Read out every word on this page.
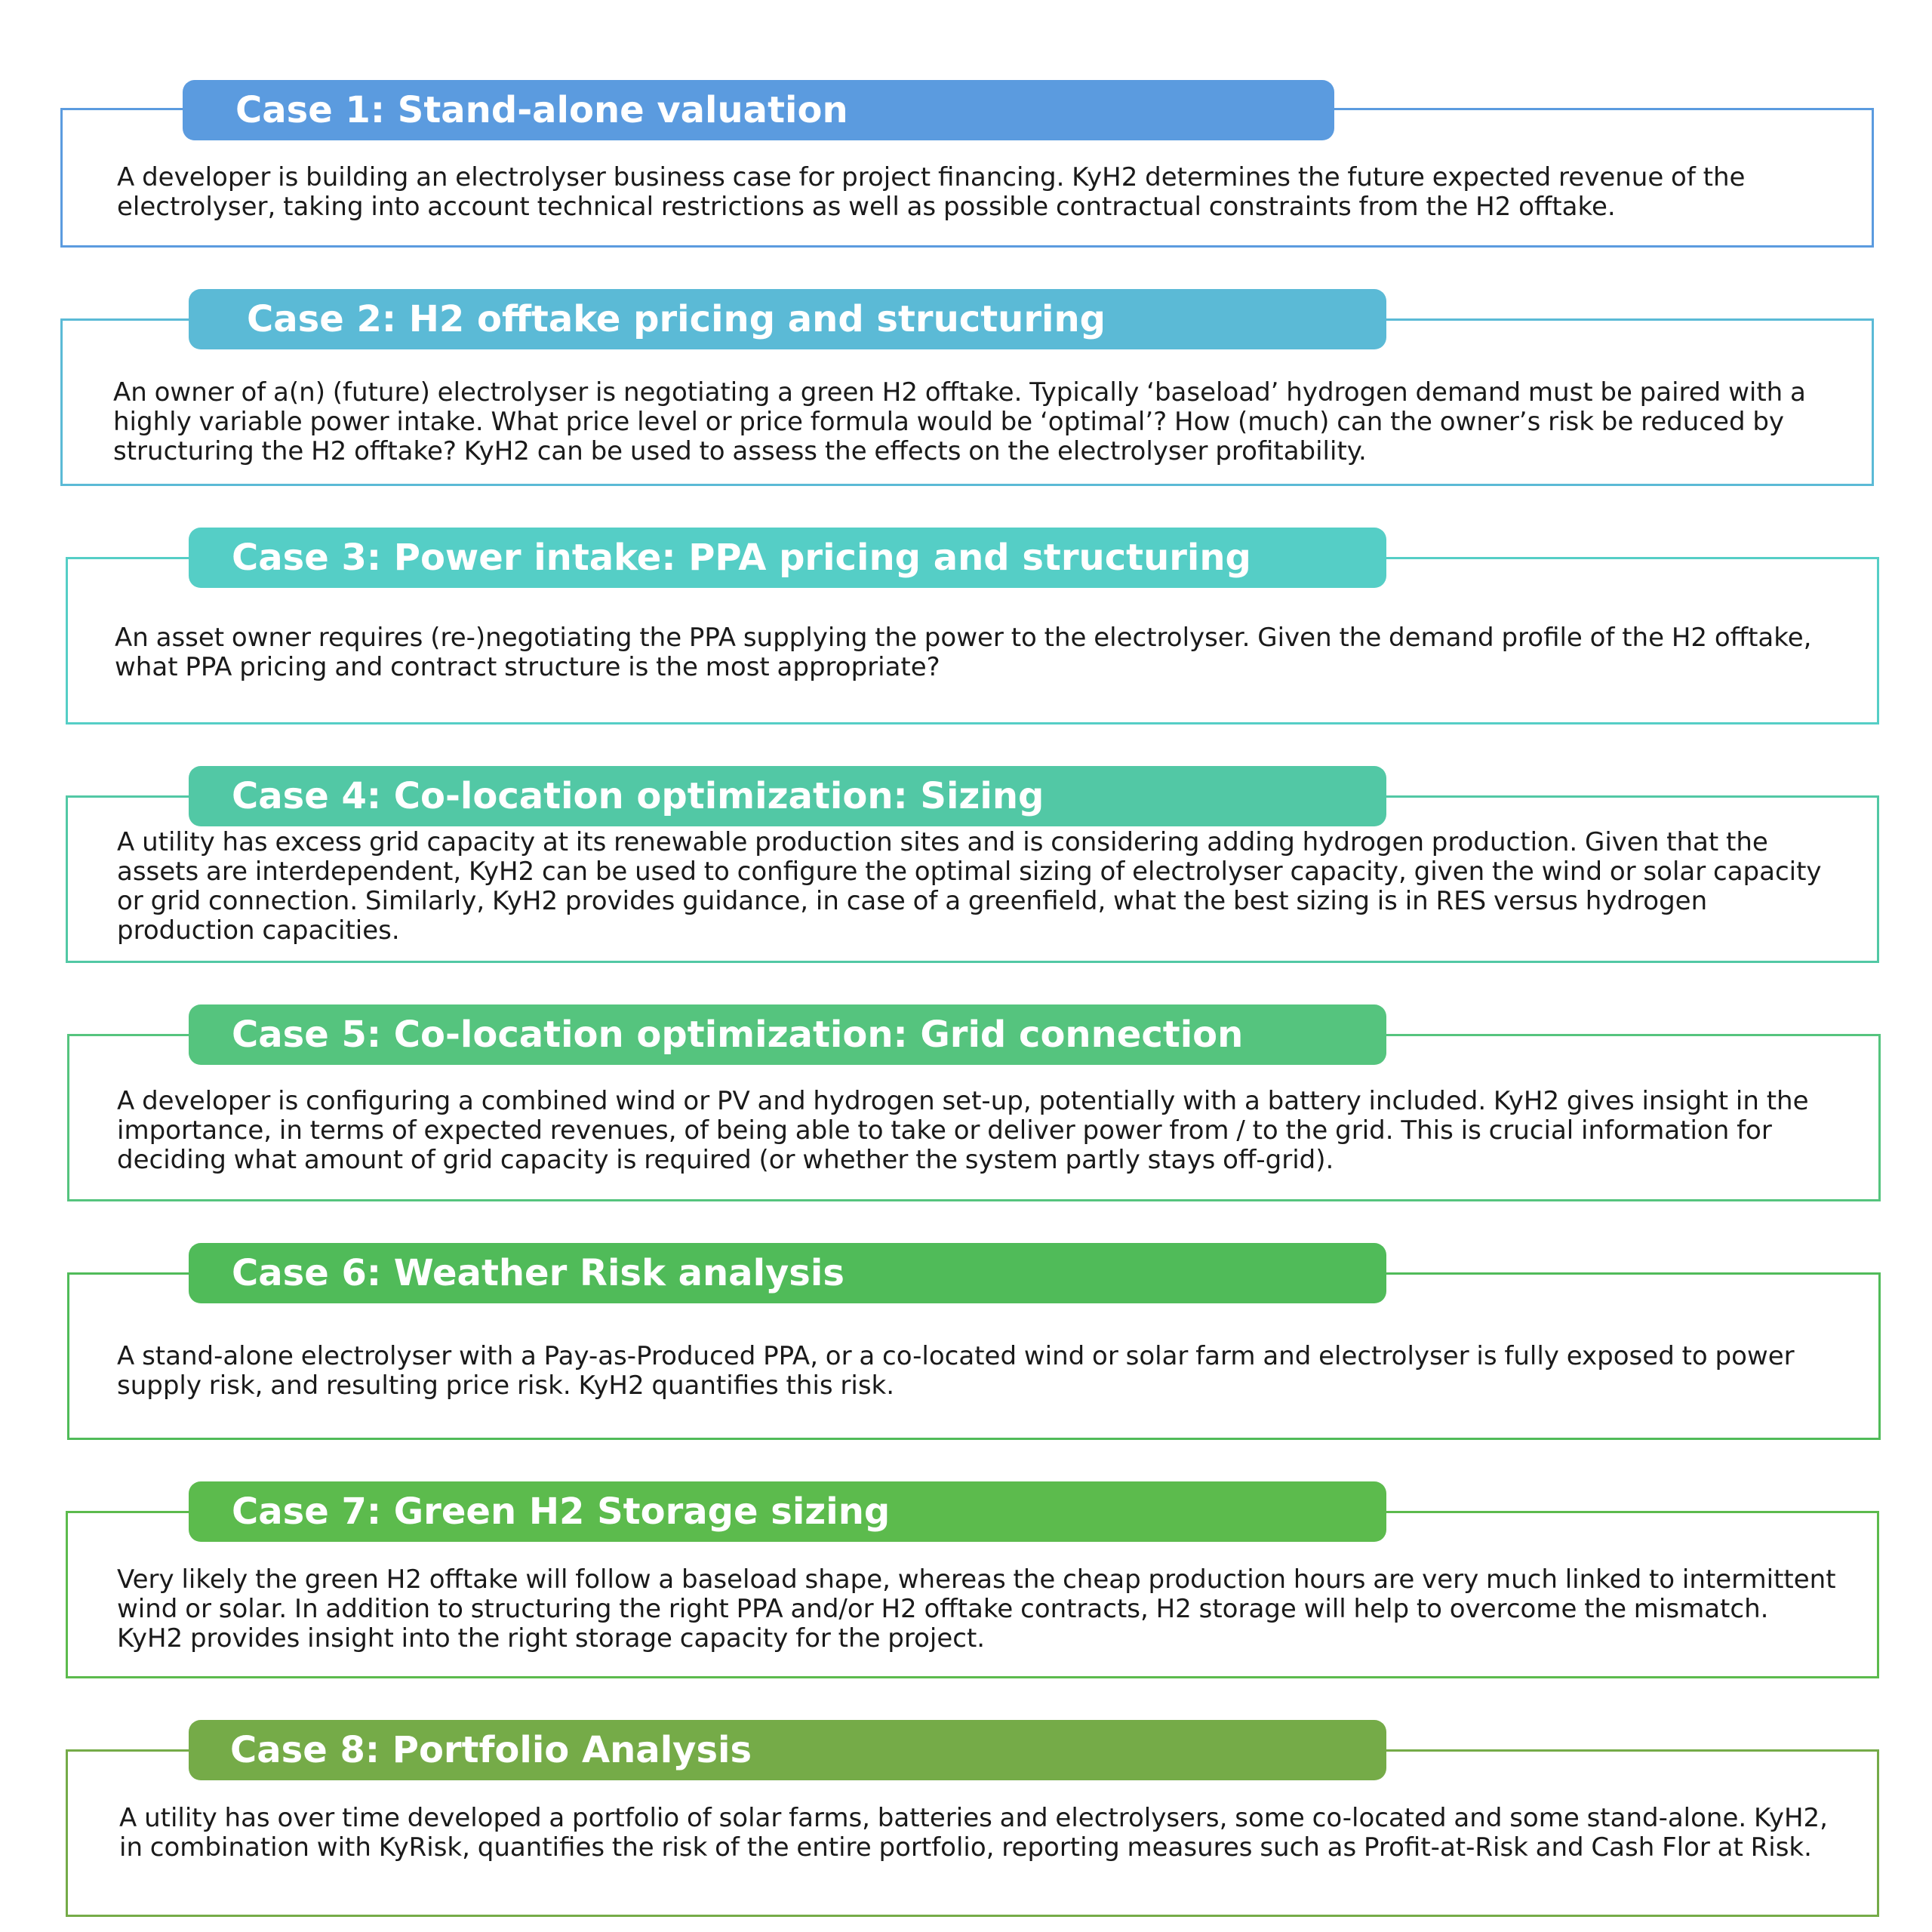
A developer is building an electrolyser business case for project financing. KyH2 determines the future expected revenue of the electrolyser, taking into account technical restrictions as well as possible contractual constraints from the H2 offtake.
Case 1: Stand-alone valuation
An owner of a(n) (future) electrolyser is negotiating a green H2 offtake. Typically ‘baseload’ hydrogen demand must be paired with a highly variable power intake. What price level or price formula would be ‘optimal’? How (much) can the owner’s risk be reduced by structuring the H2 offtake? KyH2 can be used to assess the effects on the electrolyser profitability.
Case 2: H2 offtake pricing and structuring
An asset owner requires (re-)negotiating the PPA supplying the power to the electrolyser. Given the demand profile of the H2 offtake, what PPA pricing and contract structure is the most appropriate?
Case 3: Power intake: PPA pricing and structuring
A utility has excess grid capacity at its renewable production sites and is considering adding hydrogen production. Given that the assets are interdependent, KyH2 can be used to configure the optimal sizing of electrolyser capacity, given the wind or solar capacity or grid connection. Similarly, KyH2 provides guidance, in case of a greenfield, what the best sizing is in RES versus hydrogen production capacities.
Case 4: Co-location optimization: Sizing
A developer is configuring a combined wind or PV and hydrogen set-up, potentially with a battery included. KyH2 gives insight in the importance, in terms of expected revenues, of being able to take or deliver power from / to the grid. This is crucial information for deciding what amount of grid capacity is required (or whether the system partly stays off-grid).
Case 5: Co-location optimization: Grid connection
A stand-alone electrolyser with a Pay-as-Produced PPA, or a co-located wind or solar farm and electrolyser is fully exposed to power supply risk, and resulting price risk. KyH2 quantifies this risk.
Case 6: Weather Risk analysis
Very likely the green H2 offtake will follow a baseload shape, whereas the cheap production hours are very much linked to intermittent wind or solar. In addition to structuring the right PPA and/or H2 offtake contracts, H2 storage will help to overcome the mismatch. KyH2 provides insight into the right storage capacity for the project.
Case 7: Green H2 Storage sizing
A utility has over time developed a portfolio of solar farms, batteries and electrolysers, some co-located and some stand-alone. KyH2, in combination with KyRisk, quantifies the risk of the entire portfolio, reporting measures such as Profit-at-Risk and Cash Flor at Risk.
Case 8: Portfolio Analysis
